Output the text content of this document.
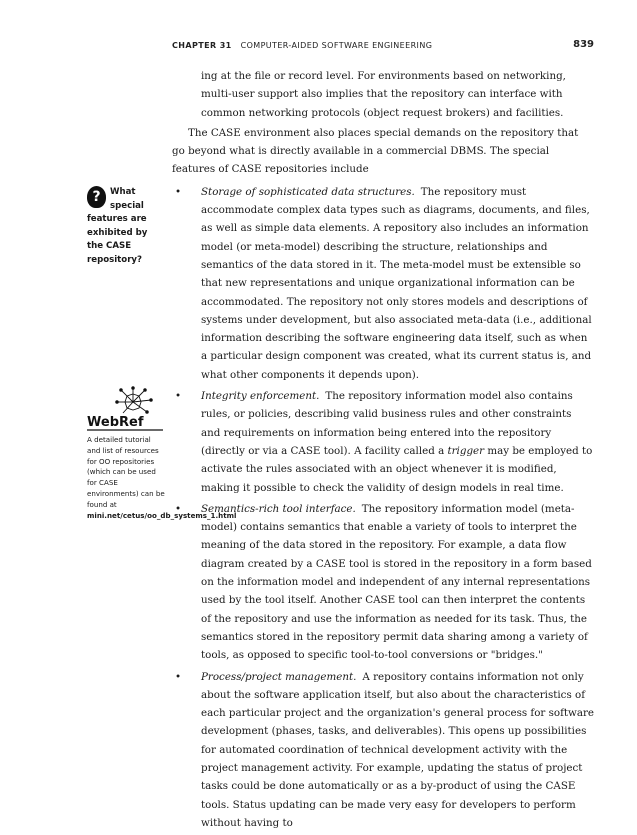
CHAPTER 31 COMPUTER-AIDED SOFTWARE ENGINEERING	839
?	What special features are exhibited by the CASE repository?
WebRef
A detailed tutorial and list of resources for OO repositories (which can be used for CASE environments) can be found at mini.net/cetus/oo_db_systems_1.html

ing at the file or record level. For environments based on networking, multi-user support also implies that the repository can interface with common networking protocols (object request brokers) and facilities.

The CASE environment also places special demands on the repository that go beyond what is directly available in a commercial DBMS. The special features of CASE repositories include

• Storage of sophisticated data structures. The repository must accommodate complex data types such as diagrams, documents, and files, as well as simple data elements. A repository also includes an information model (or meta-model) describing the structure, relationships and semantics of the data stored in it. The meta-model must be extensible so that new representations and unique organizational information can be accommodated. The repository not only stores models and descriptions of systems under development, but also associated meta-data (i.e., additional information describing the software engineering data itself, such as when a particular design component was created, what its current status is, and what other components it depends upon).
• Integrity enforcement. The repository information model also contains rules, or policies, describing valid business rules and other constraints and requirements on information being entered into the repository (directly or via a CASE tool). A facility called a trigger may be employed to activate the rules associated with an object whenever it is modified, making it possible to check the validity of design models in real time.
• Semantics-rich tool interface. The repository information model (meta-model) contains semantics that enable a variety of tools to interpret the meaning of the data stored in the repository. For example, a data flow diagram created by a CASE tool is stored in the repository in a form based on the information model and independent of any internal representations used by the tool itself. Another CASE tool can then interpret the contents of the repository and use the information as needed for its task. Thus, the semantics stored in the repository permit data sharing among a variety of tools, as opposed to specific tool-to-tool conversions or "bridges."
• Process/project management. A repository contains information not only about the software application itself, but also about the characteristics of each particular project and the organization's general process for software development (phases, tasks, and deliverables). This opens up possibilities for automated coordination of technical development activity with the project management activity. For example, updating the status of project tasks could be done automatically or as a by-product of using the CASE tools. Status updating can be made very easy for developers to perform without having to
